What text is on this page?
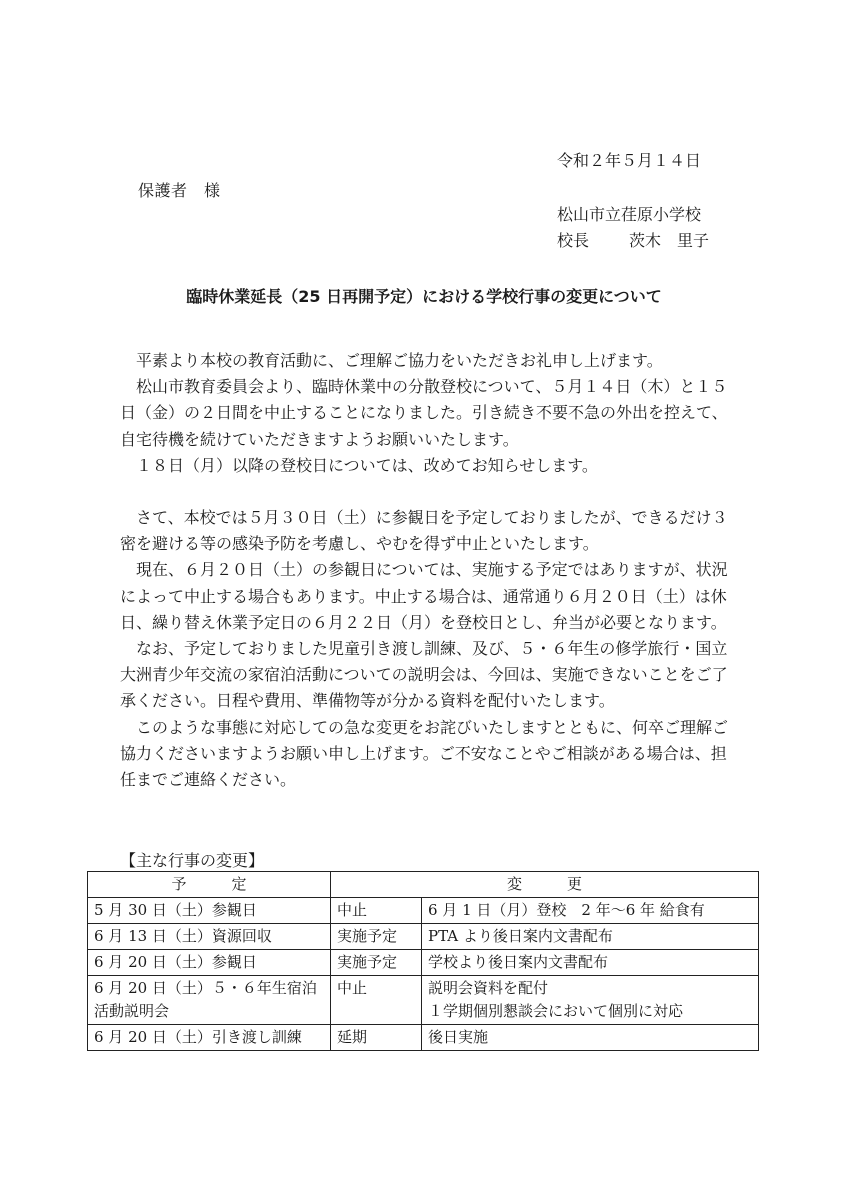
令和２年５月１４日
保護者　様
松山市立荏原小学校
校長	茨木　里子
臨時休業延長（25 日再開予定）における学校行事の変更について

平素より本校の教育活動に、ご理解ご協力をいただきお礼申し上げます。

松山市教育委員会より、臨時休業中の分散登校について、５月１４日（木）と１５日（金）の２日間を中止することになりました。引き続き不要不急の外出を控えて、自宅待機を続けていただきますようお願いいたします。

１８日（月）以降の登校日については、改めてお知らせします。

さて、本校では５月３０日（土）に参観日を予定しておりましたが、できるだけ３密を避ける等の感染予防を考慮し、やむを得ず中止といたします。

現在、６月２０日（土）の参観日については、実施する予定ではありますが、状況によって中止する場合もあります。中止する場合は、通常通り６月２０日（土）は休日、繰り替え休業予定日の６月２２日（月）を登校日とし、弁当が必要となります。

なお、予定しておりました児童引き渡し訓練、及び、５・６年生の修学旅行・国立大洲青少年交流の家宿泊活動についての説明会は、今回は、実施できないことをご了承ください。日程や費用、準備物等が分かる資料を配付いたします。

このような事態に対応しての急な変更をお詫びいたしますとともに、何卒ご理解ご協力くださいますようお願い申し上げます。ご不安なことやご相談がある場合は、担任までご連絡ください。

【主な行事の変更】
予　　　定	変　　　更	
5 月 30 日（土）参観日	中止	6 月 1 日（月）登校　2 年〜6 年 給食有
6 月 13 日（土）資源回収	実施予定	PTA より後日案内文書配布
6 月 20 日（土）参観日	実施予定	学校より後日案内文書配布
6 月 20 日（土）５・６年生宿泊活動説明会	中止	説明会資料を配付
１学期個別懇談会において個別に対応

6 月 20 日（土）引き渡し訓練	延期	後日実施
